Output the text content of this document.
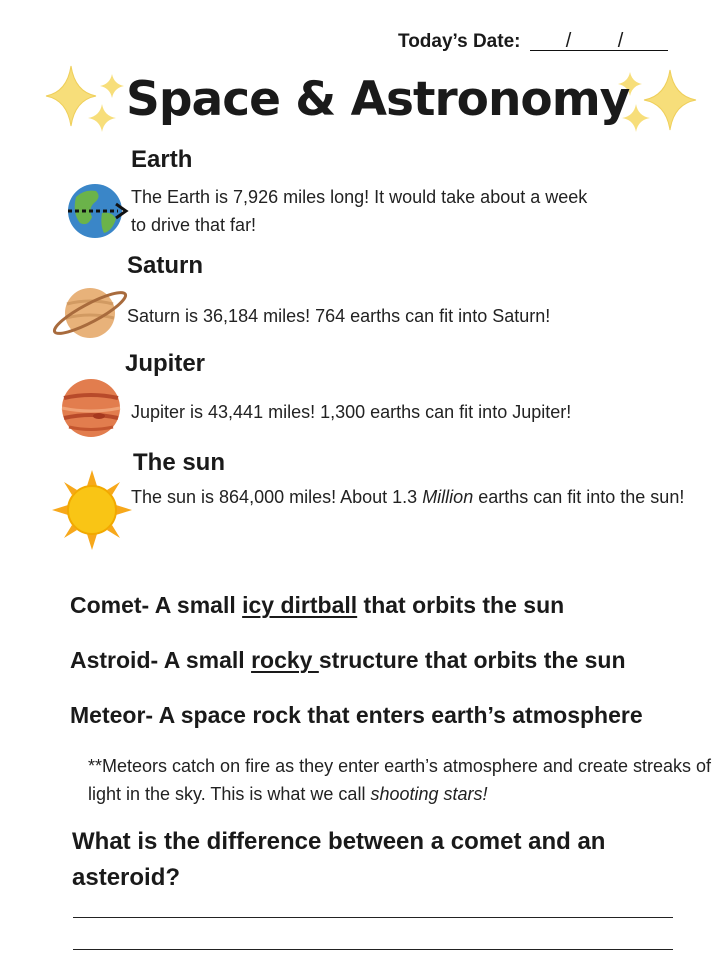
Today’s Date: / /
Space & Astronomy
Earth
The Earth is 7,926 miles long! It would take about a week to drive that far!
Saturn
Saturn is 36,184 miles! 764 earths can fit into Saturn!
Jupiter
Jupiter is 43,441 miles! 1,300 earths can fit into Jupiter!
The sun
The sun is 864,000 miles! About 1.3 Million earths can fit into the sun!
Comet- A small icy dirtball that orbits the sun
Astroid- A small rocky structure that orbits the sun
Meteor- A space rock that enters earth’s atmosphere
**Meteors catch on fire as they enter earth’s atmosphere and create streaks of light in the sky. This is what we call shooting stars!
What is the difference between a comet and an asteroid?
